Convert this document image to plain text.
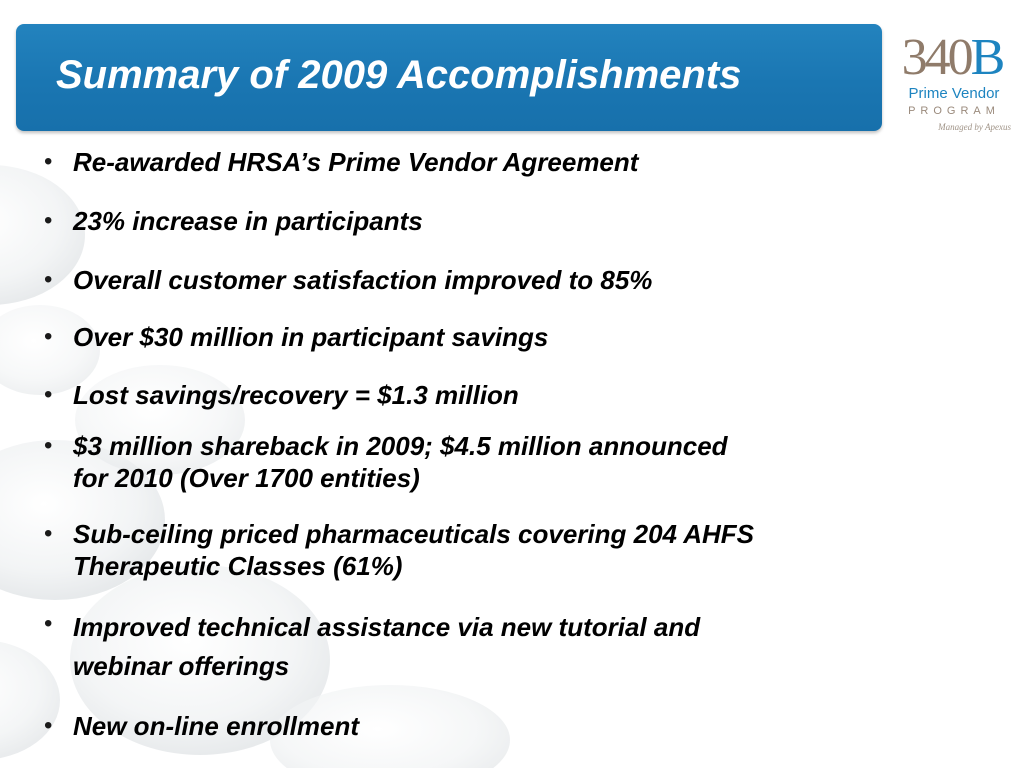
Summary of 2009 Accomplishments	340B
Prime Vendor
PROGRAM
Managed by Apexus
• Re-awarded HRSA’s Prime Vendor Agreement
• 23% increase in participants
• Overall customer satisfaction improved to 85%
• Over $30 million in participant savings
• Lost savings/recovery = $1.3 million
• $3 million shareback in 2009; $4.5 million announced
for 2010 (Over 1700 entities)
• Sub-ceiling priced pharmaceuticals covering 204 AHFS
Therapeutic Classes (61%)
• Improved technical assistance via new tutorial and
webinar offerings
• New on-line enrollment
